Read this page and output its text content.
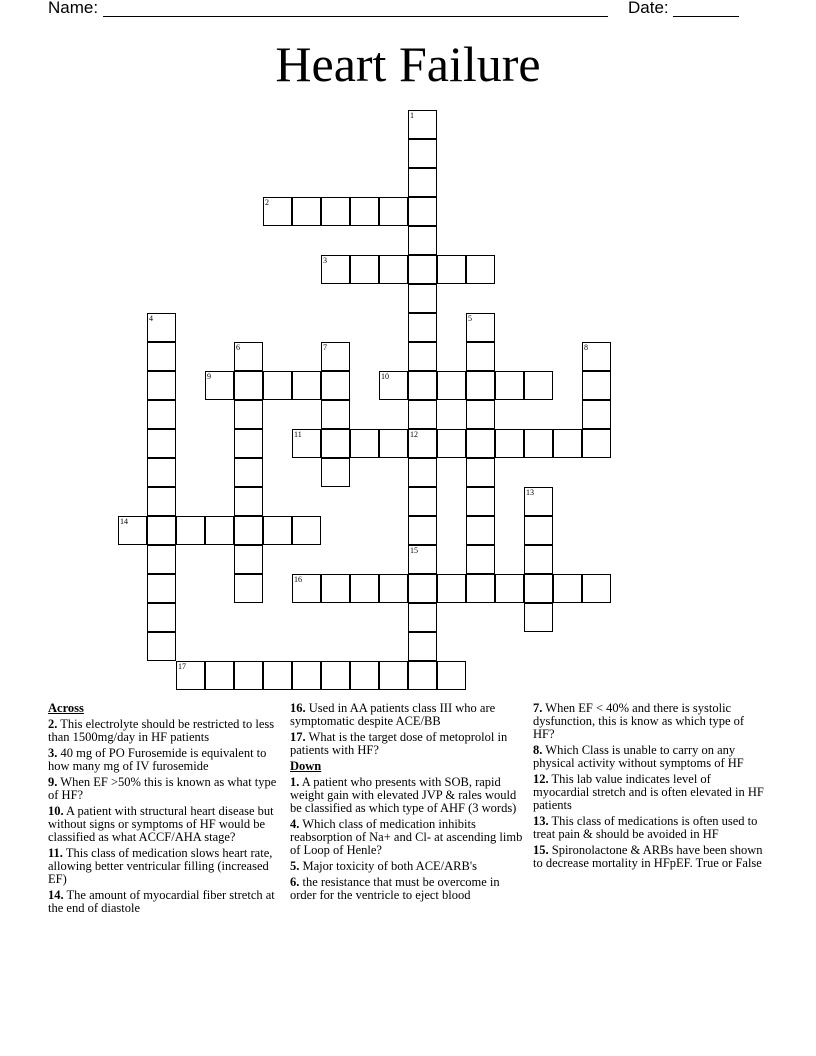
Name:	Date:
Heart Failure
2
3
9	10
11	12
14
16
17
1
15
4	5
6	7	8
13
Across

2. This electrolyte should be restricted to less than 1500mg/day in HF patients

3. 40 mg of PO Furosemide is equivalent to how many mg of IV furosemide

9. When EF >50% this is known as what type of HF?

10. A patient with structural heart disease but without signs or symptoms of HF would be classified as what ACCF/AHA stage?

11. This class of medication slows heart rate, allowing better ventricular filling (increased EF)

14. The amount of myocardial fiber stretch at the end of diastole

16. Used in AA patients class III who are symptomatic despite ACE/BB

17. What is the target dose of metoprolol in patients with HF?

Down

1. A patient who presents with SOB, rapid weight gain with elevated JVP & rales would be classified as which type of AHF (3 words)

4. Which class of medication inhibits reabsorption of Na+ and Cl- at ascending limb of Loop of Henle?

5. Major toxicity of both ACE/ARB's

6. the resistance that must be overcome in order for the ventricle to eject blood

7. When EF < 40% and there is systolic dysfunction, this is know as which type of HF?

8. Which Class is unable to carry on any physical activity without symptoms of HF

12. This lab value indicates level of myocardial stretch and is often elevated in HF patients

13. This class of medications is often used to treat pain & should be avoided in HF

15. Spironolactone & ARBs have been shown to decrease mortality in HFpEF. True or False
